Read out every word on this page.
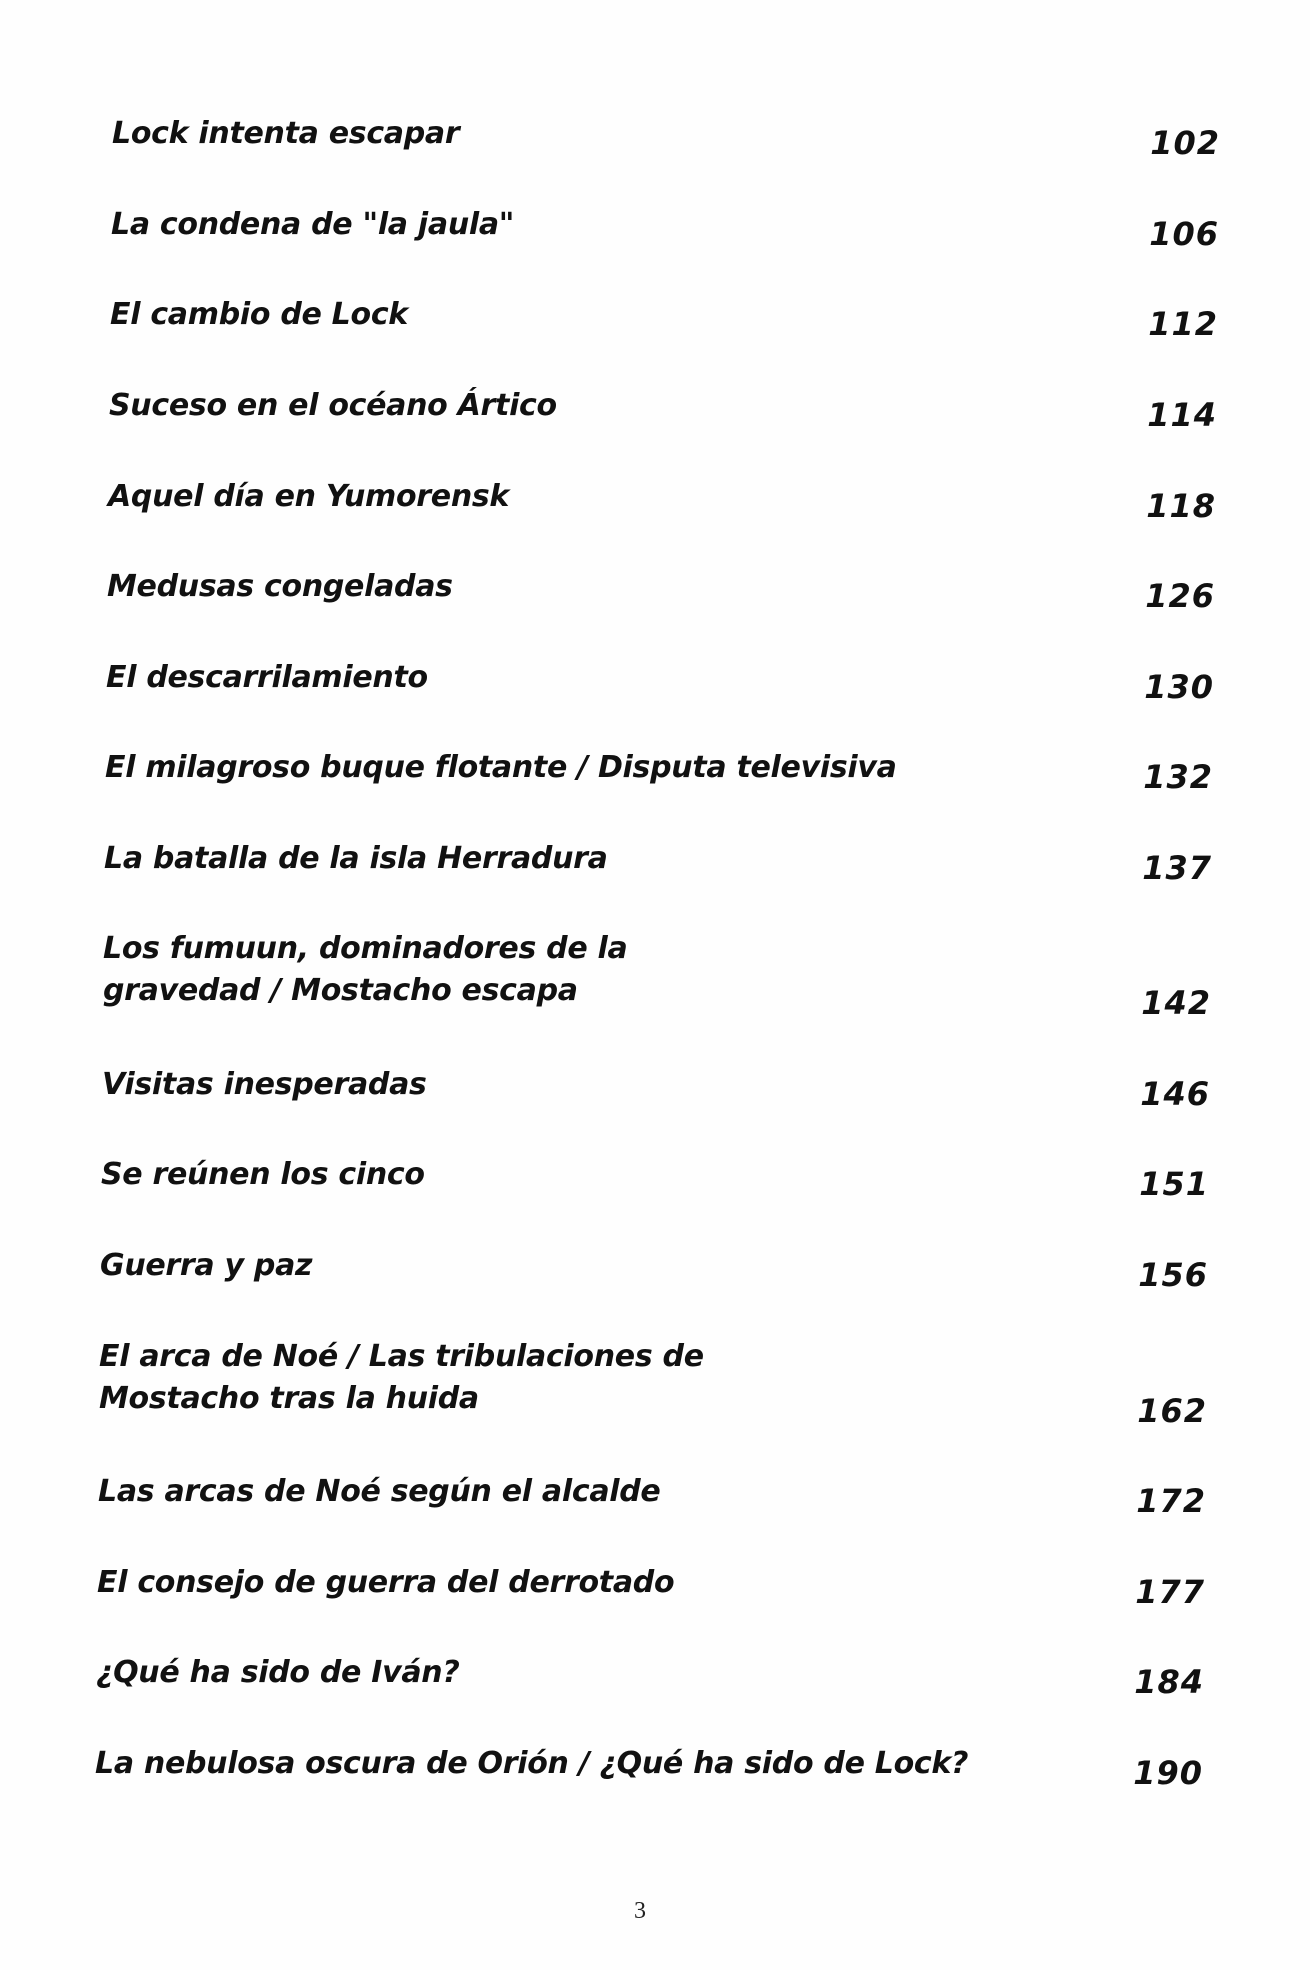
Lock intenta escapar	102
La condena de "la jaula"	106
El cambio de Lock	112
Suceso en el océano Ártico	114
Aquel día en Yumorensk	118
Medusas congeladas	126
El descarrilamiento	130
El milagroso buque flotante / Disputa televisiva	132
La batalla de la isla Herradura	137
Los fumuun, dominadores de la
gravedad / Mostacho escapa	142
Visitas inesperadas	146
Se reúnen los cinco	151
Guerra y paz	156
El arca de Noé / Las tribulaciones de
Mostacho tras la huida	162
Las arcas de Noé según el alcalde	172
El consejo de guerra del derrotado	177
¿Qué ha sido de Iván?	184
La nebulosa oscura de Orión / ¿Qué ha sido de Lock?	190
3
